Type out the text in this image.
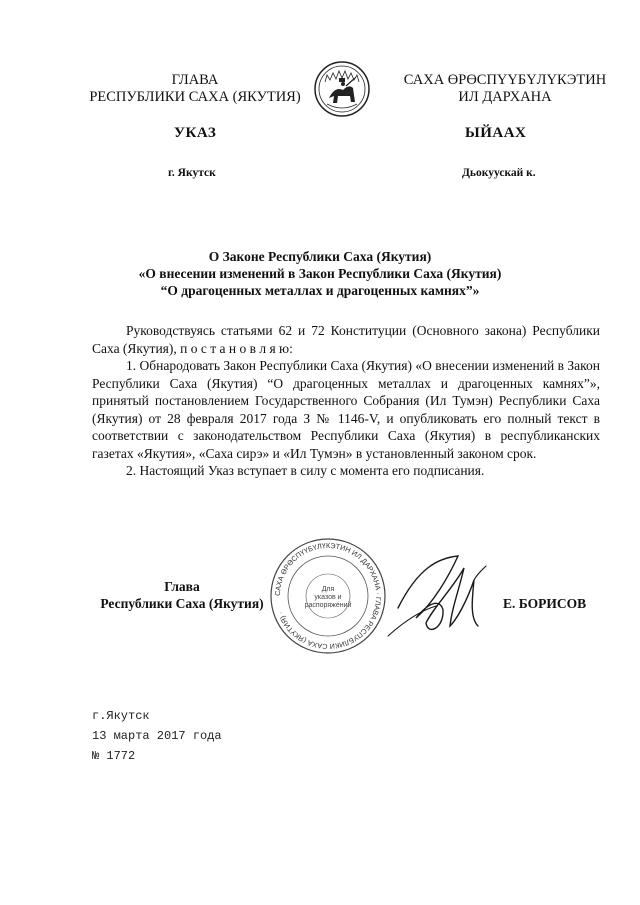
ГЛАВА
РЕСПУБЛИКИ САХА (ЯКУТИЯ)
САХА ӨРӨСПҮҮБҮЛҮКЭТИН
ИЛ ДАРХАНА
УКАЗ	ЫЙААХ
г. Якутск	Дьокуускай к.
О Законе Республики Саха (Якутия)
«О внесении изменений в Закон Республики Саха (Якутия)
“О драгоценных металлах и драгоценных камнях”»

Руководствуясь статьями 62 и 72 Конституции (Основного закона) Республики Саха (Якутия), п о с т а н о в л я ю:

1. Обнародовать Закон Республики Саха (Якутия) «О внесении изменений в Закон Республики Саха (Якутия) “О драгоценных металлах и драгоценных камнях”», принятый постановлением Государственного Собрания (Ил Тумэн) Республики Саха (Якутия) от 28 февраля 2017 года З № 1146-V, и опубликовать его полный текст в соответствии с законодательством Республики Саха (Якутия) в республиканских газетах «Якутия», «Саха сирэ» и «Ил Тумэн» в установленный законом срок.

2. Настоящий Указ вступает в силу с момента его подписания.

Глава
Республики Саха (Якутия)
САХА ӨРӨСПҮҮБҮЛҮКЭТИН ИЛ ДАРХАНА · ГЛАВА РЕСПУБЛИКИ САХА (ЯКУТИЯ) ·
Для
указов и
распоряжений	Е. БОРИСОВ
г.Якутск
13 марта 2017 года
№ 1772
